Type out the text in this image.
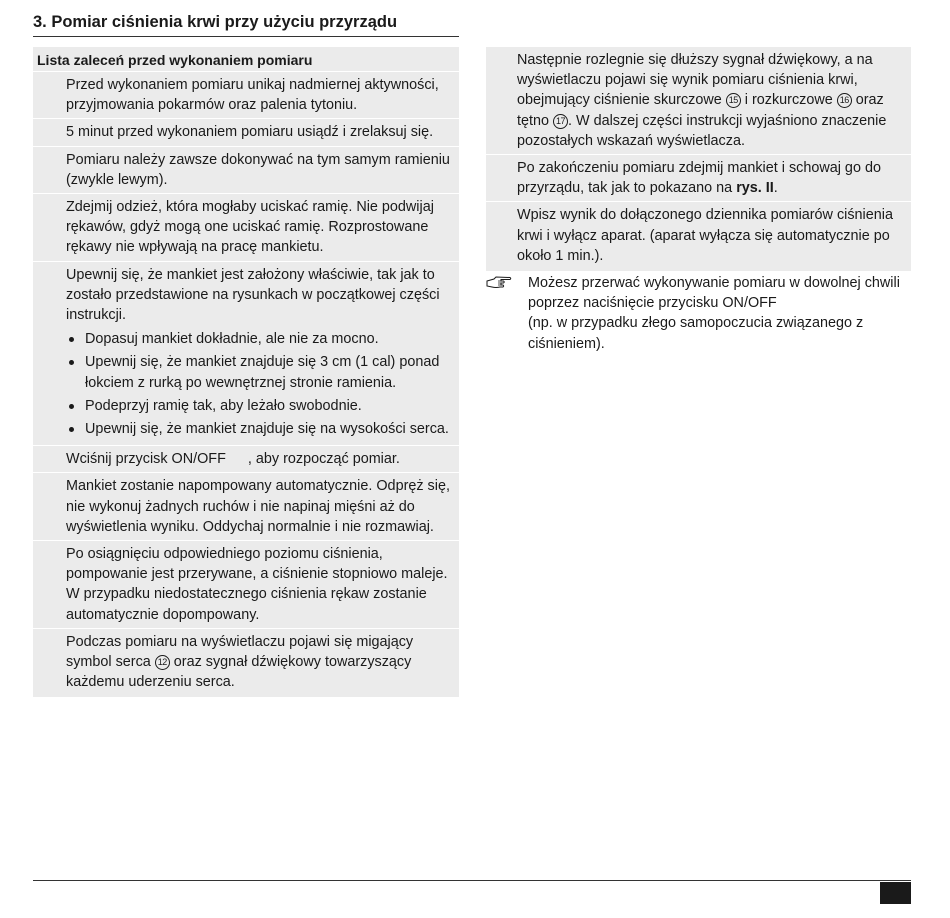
3. Pomiar ciśnienia krwi przy użyciu przyrządu
Lista zaleceń przed wykonaniem pomiaru
Przed wykonaniem pomiaru unikaj nadmiernej aktywności, przyjmowania pokarmów oraz palenia tytoniu.
5 minut przed wykonaniem pomiaru usiądź i zrelaksuj się.
Pomiaru należy zawsze dokonywać na tym samym ramieniu (zwykle lewym).
Zdejmij odzież, która mogłaby uciskać ramię. Nie podwijaj rękawów, gdyż mogą one uciskać ramię. Rozprostowane rękawy nie wpływają na pracę mankietu.
Upewnij się, że mankiet jest założony właściwie, tak jak to zostało przedstawione na rysunkach w początkowej części instrukcji.
Dopasuj mankiet dokładnie, ale nie za mocno.
Upewnij się, że mankiet znajduje się 3 cm (1 cal) ponad łokciem z rurką po wewnętrznej stronie ramienia.
Podeprzyj ramię tak, aby leżało swobodnie.
Upewnij się, że mankiet znajduje się na wysokości serca.
Wciśnij przycisk ON/OFF , aby rozpocząć pomiar.
Mankiet zostanie napompowany automatycznie. Odpręż się, nie wykonuj żadnych ruchów i nie napinaj mięśni aż do wyświetlenia wyniku. Oddychaj normalnie i nie rozmawiaj.
Po osiągnięciu odpowiedniego poziomu ciśnienia, pompowanie jest przerywane, a ciśnienie stopniowo maleje. W przypadku niedostatecznego ciśnienia rękaw zostanie automatycznie dopompowany.
Podczas pomiaru na wyświetlaczu pojawi się migający symbol serca 12 oraz sygnał dźwiękowy towarzyszący każdemu uderzeniu serca.
Następnie rozlegnie się dłuższy sygnał dźwiękowy, a na wyświetlaczu pojawi się wynik pomiaru ciśnienia krwi, obejmujący ciśnienie skurczowe 15 i rozkurczowe 16 oraz tętno 17 . W dalszej części instrukcji wyjaśniono znaczenie pozostałych wskazań wyświetlacza.
Po zakończeniu pomiaru zdejmij mankiet i schowaj go do przyrządu, tak jak to pokazano na rys. II.
Wpisz wynik do dołączonego dziennika pomiarów ciśnienia krwi i wyłącz aparat. (aparat wyłącza się automatycznie po około 1 min.).
Możesz przerwać wykonywanie pomiaru w dowolnej chwili poprzez naciśnięcie przycisku ON/OFF
(np. w przypadku złego samopoczucia związanego z ciśnieniem).
